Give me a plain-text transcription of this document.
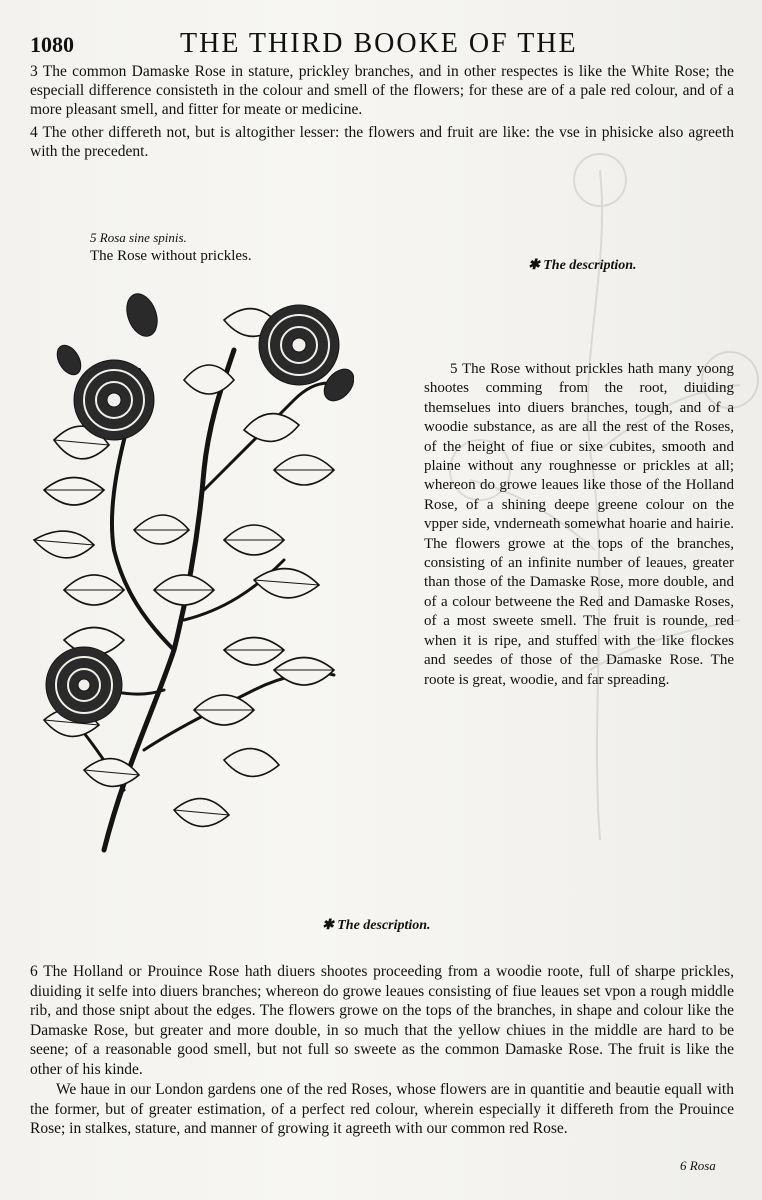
1080	THE THIRD BOOKE OF THE

3 The common Damaske Rose in stature, prickley branches, and in other respectes is like the White Rose; the especiall difference consisteth in the colour and smell of the flowers; for these are of a pale red colour, and of a more pleasant smell, and fitter for meate or medicine.

4 The other differeth not, but is altogither lesser: the flowers and fruit are like: the vse in phisicke also agreeth with the precedent.

5 Rosa sine spinis.
The Rose without prickles.
✱ The description.

5 The Rose without prickles hath many yoong shootes comming from the root, diuiding themselues into diuers branches, tough, and of a woodie substance, as are all the rest of the Roses, of the height of fiue or sixe cubites, smooth and plaine without any roughnesse or prickles at all; whereon do growe leaues like those of the Holland Rose, of a shining deepe greene colour on the vpper side, vnderneath somewhat hoarie and hairie. The flowers growe at the tops of the branches, consisting of an infinite number of leaues, greater than those of the Damaske Rose, more double, and of a colour betweene the Red and Damaske Roses, of a most sweete smell. The fruit is rounde, red when it is ripe, and stuffed with the like flockes and seedes of those of the Damaske Rose. The roote is great, woodie, and far spreading.

✱ The description.

6 The Holland or Prouince Rose hath diuers shootes proceeding from a woodie roote, full of sharpe prickles, diuiding it selfe into diuers branches; whereon do growe leaues consisting of fiue leaues set vpon a rough middle rib, and those snipt about the edges. The flowers growe on the tops of the branches, in shape and colour like the Damaske Rose, but greater and more double, in so much that the yellow chiues in the middle are hard to be seene; of a reasonable good smell, but not full so sweete as the common Damaske Rose. The fruit is like the other of his kinde.

We haue in our London gardens one of the red Roses, whose flowers are in quantitie and beautie equall with the former, but of greater estimation, of a perfect red colour, wherein especially it differeth from the Prouince Rose; in stalkes, stature, and manner of growing it agreeth with our common red Rose.

6 Rosa
